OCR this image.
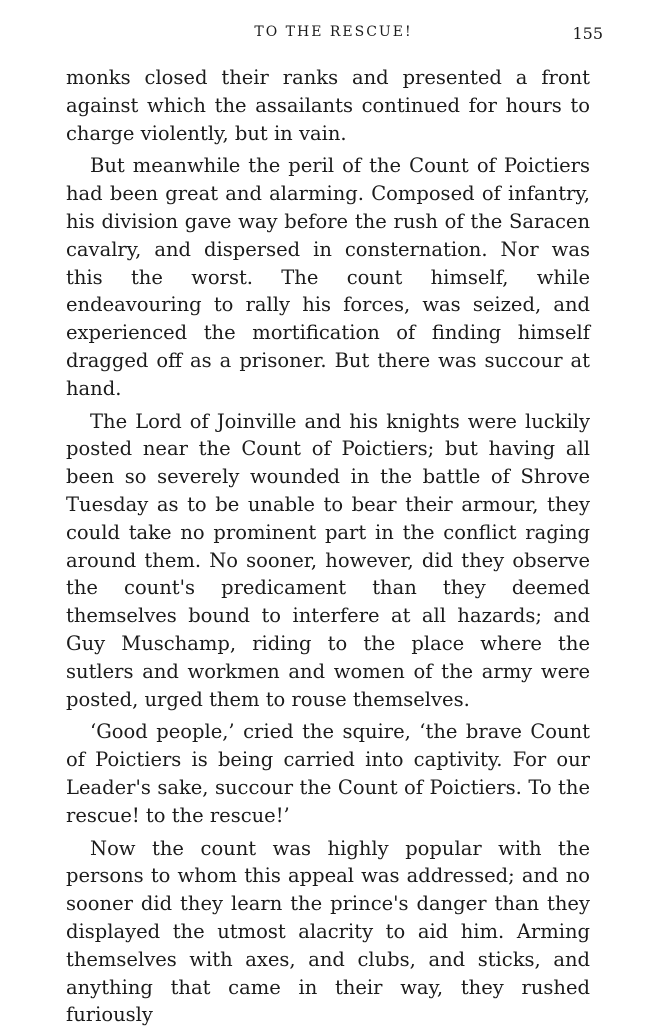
TO THE RESCUE!	155

monks closed their ranks and presented a front against which the assailants continued for hours to charge violently, but in vain.

But meanwhile the peril of the Count of Poictiers had been great and alarming. Composed of infantry, his division gave way before the rush of the Saracen cavalry, and dispersed in consternation. Nor was this the worst. The count himself, while endeavouring to rally his forces, was seized, and experienced the mortification of finding himself dragged off as a prisoner. But there was succour at hand.

The Lord of Joinville and his knights were luckily posted near the Count of Poictiers; but having all been so severely wounded in the battle of Shrove Tuesday as to be unable to bear their armour, they could take no prominent part in the conflict raging around them. No sooner, however, did they observe the count's predicament than they deemed themselves bound to interfere at all hazards; and Guy Muschamp, riding to the place where the sutlers and workmen and women of the army were posted, urged them to rouse themselves.

‘Good people,’ cried the squire, ‘the brave Count of Poictiers is being carried into captivity. For our Leader's sake, succour the Count of Poictiers. To the rescue! to the rescue!’

Now the count was highly popular with the persons to whom this appeal was addressed; and no sooner did they learn the prince's danger than they displayed the utmost alacrity to aid him. Arming themselves with axes, and clubs, and sticks, and anything that came in their way, they rushed furiously
